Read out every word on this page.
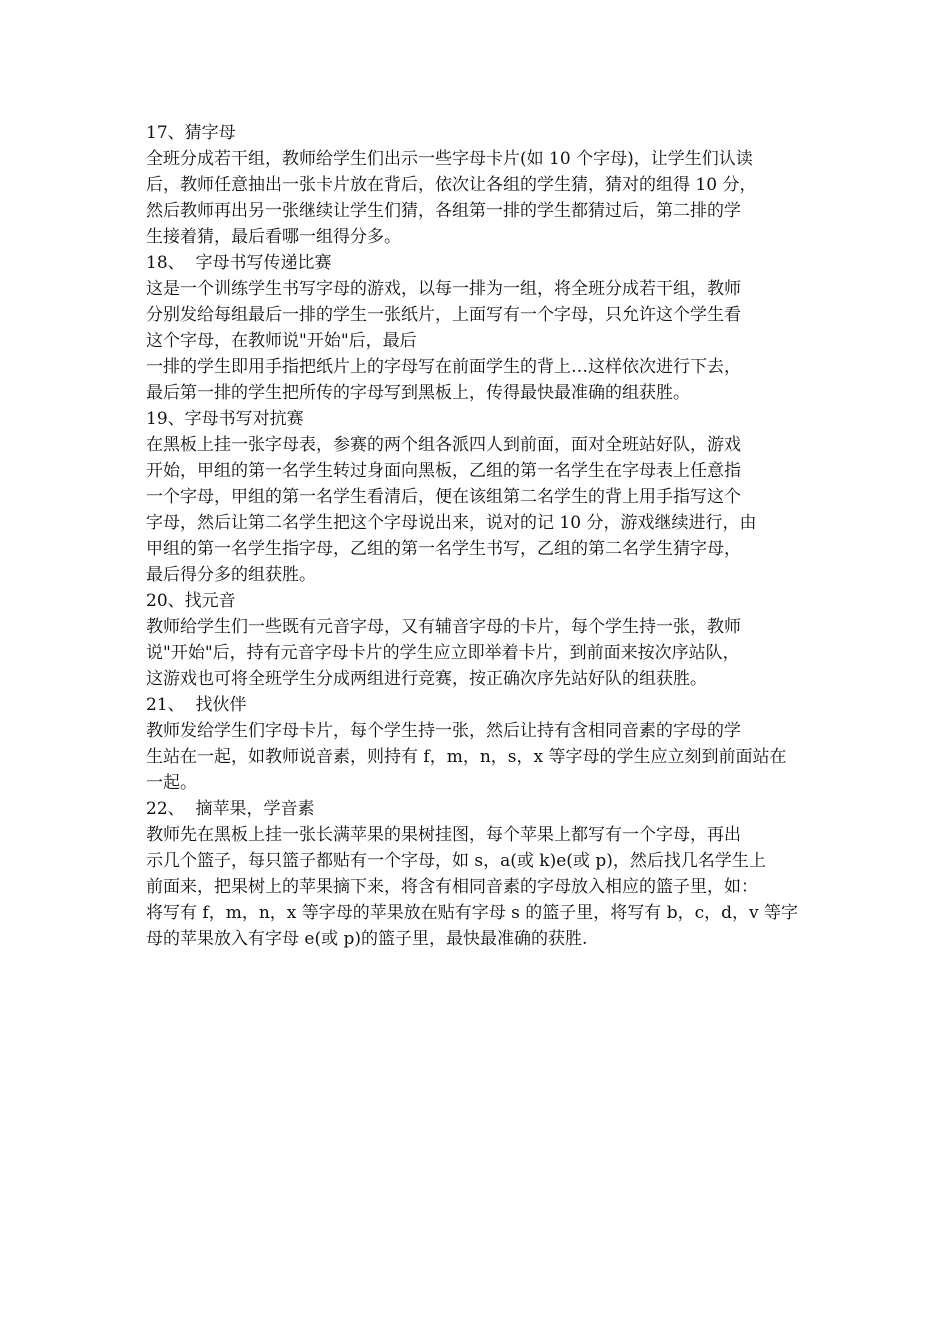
17、猜字母
全班分成若干组，教师给学生们出示一些字母卡片(如 10 个字母)，让学生们认读
后，教师任意抽出一张卡片放在背后，依次让各组的学生猜，猜对的组得 10 分，
然后教师再出另一张继续让学生们猜，各组第一排的学生都猜过后，第二排的学
生接着猜，最后看哪一组得分多。
18、  字母书写传递比赛
这是一个训练学生书写字母的游戏，以每一排为一组，将全班分成若干组，教师
分别发给每组最后一排的学生一张纸片，上面写有一个字母，只允许这个学生看
这个字母，在教师说"开始"后，最后
一排的学生即用手指把纸片上的字母写在前面学生的背上…这样依次进行下去，
最后第一排的学生把所传的字母写到黑板上，传得最快最准确的组获胜。
19、字母书写对抗赛
在黑板上挂一张字母表，参赛的两个组各派四人到前面，面对全班站好队，游戏
开始，甲组的第一名学生转过身面向黑板，乙组的第一名学生在字母表上任意指
一个字母，甲组的第一名学生看清后，便在该组第二名学生的背上用手指写这个
字母，然后让第二名学生把这个字母说出来，说对的记 10 分，游戏继续进行，由
甲组的第一名学生指字母，乙组的第一名学生书写，乙组的第二名学生猜字母，
最后得分多的组获胜。
20、找元音
教师给学生们一些既有元音字母，又有辅音字母的卡片，每个学生持一张，教师
说"开始"后，持有元音字母卡片的学生应立即举着卡片，到前面来按次序站队，
这游戏也可将全班学生分成两组进行竞赛，按正确次序先站好队的组获胜。
21、  找伙伴
教师发给学生们字母卡片，每个学生持一张，然后让持有含相同音素的字母的学
生站在一起，如教师说音素，则持有 f，m，n，s，x 等字母的学生应立刻到前面站在
一起。
22、  摘苹果，学音素
教师先在黑板上挂一张长满苹果的果树挂图，每个苹果上都写有一个字母，再出
示几个篮子，每只篮子都贴有一个字母，如 s，a(或 k)e(或 p)，然后找几名学生上
前面来，把果树上的苹果摘下来，将含有相同音素的字母放入相应的篮子里，如：
将写有 f，m，n，x 等字母的苹果放在贴有字母 s 的篮子里，将写有 b，c，d，v 等字
母的苹果放入有字母 e(或 p)的篮子里，最快最准确的获胜.
